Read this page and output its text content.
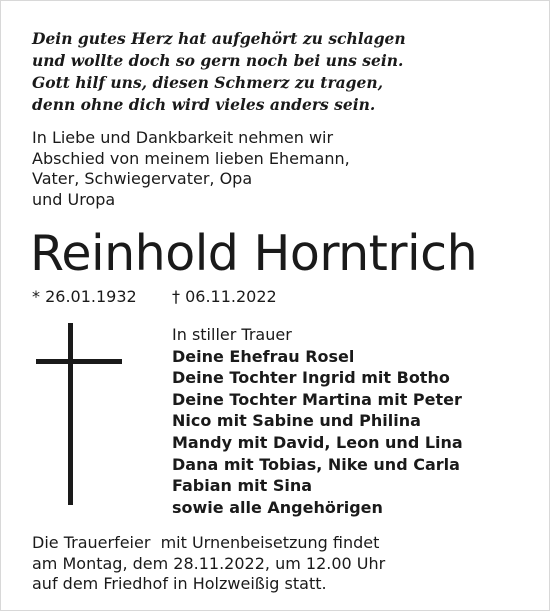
Dein gutes Herz hat aufgehört zu schlagen
und wollte doch so gern noch bei uns sein.
Gott hilf uns, diesen Schmerz zu tragen,
denn ohne dich wird vieles anders sein.
In Liebe und Dankbarkeit nehmen wir
Abschied von meinem lieben Ehemann,
Vater, Schwiegervater, Opa
und Uropa
Reinhold Horntrich
* 26.01.1932 † 06.11.2022
In stiller Trauer
Deine Ehefrau Rosel
Deine Tochter Ingrid mit Botho
Deine Tochter Martina mit Peter
Nico mit Sabine und Philina
Mandy mit David, Leon und Lina
Dana mit Tobias, Nike und Carla
Fabian mit Sina
sowie alle Angehörigen
Die Trauerfeier  mit Urnenbeisetzung findet
am Montag, dem 28.11.2022, um 12.00 Uhr
auf dem Friedhof in Holzweißig statt.
